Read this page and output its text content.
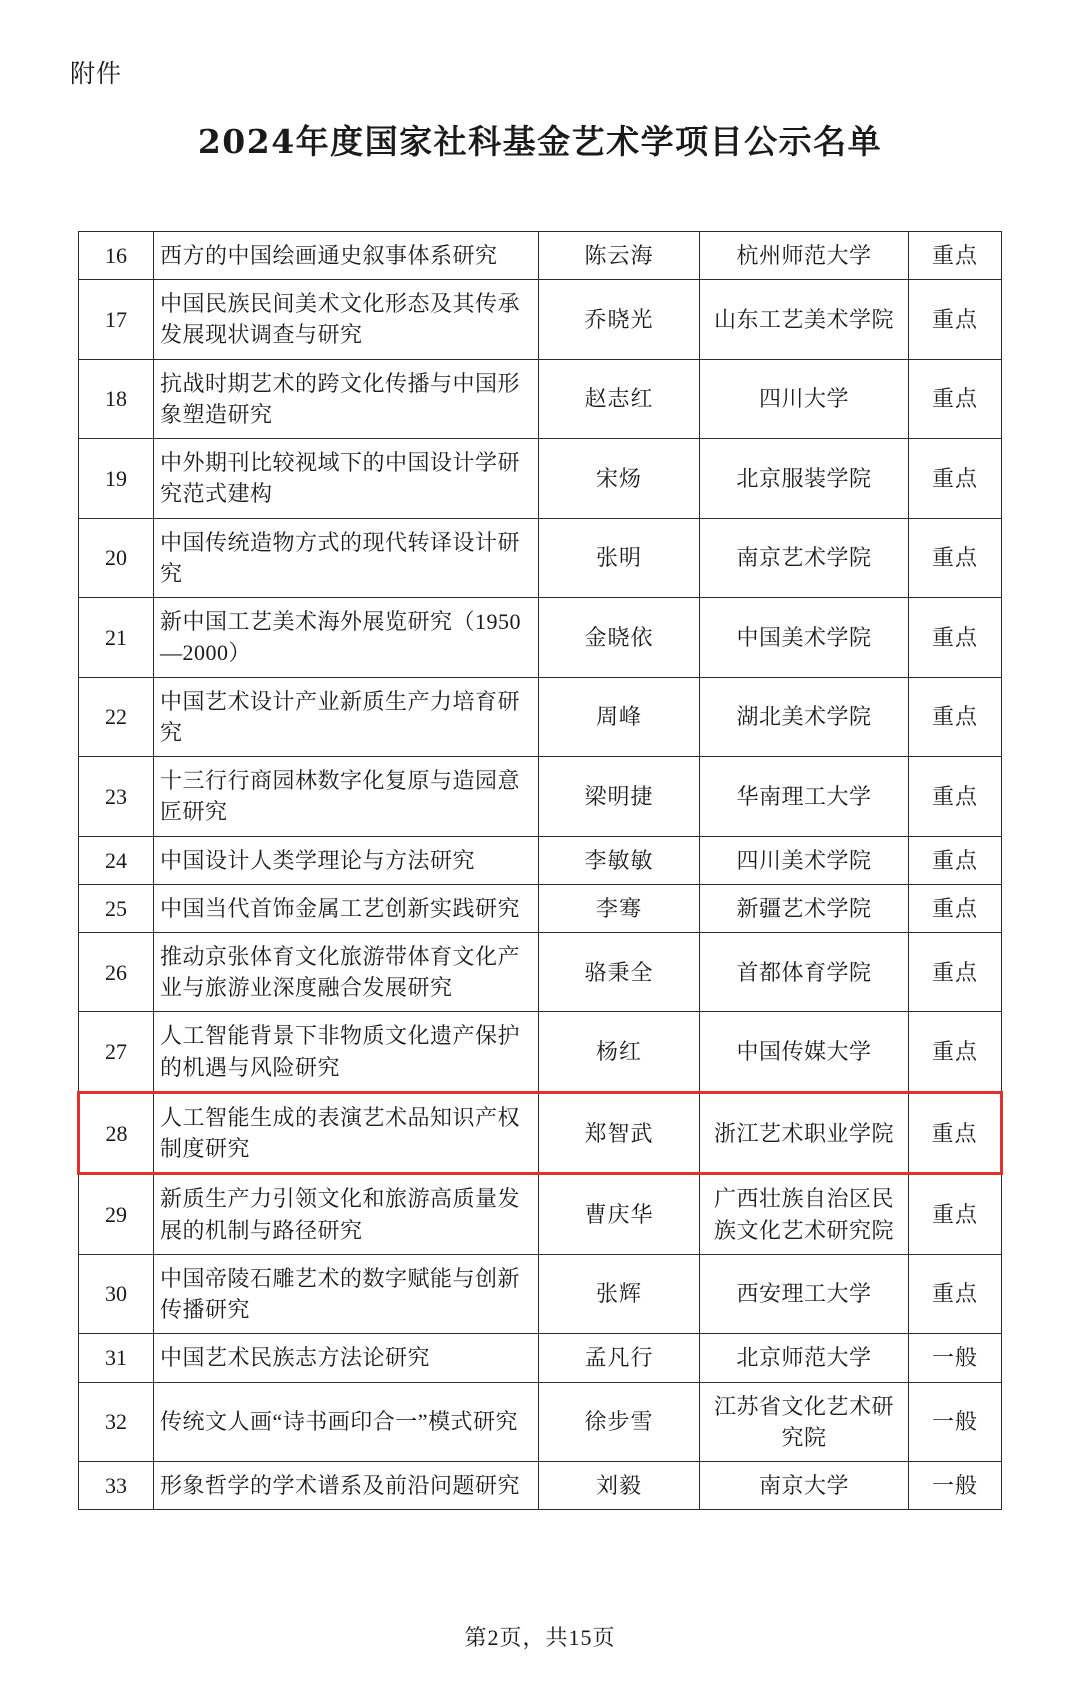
附件
2024年度国家社科基金艺术学项目公示名单
16	西方的中国绘画通史叙事体系研究	陈云海	杭州师范大学	重点
17	中国民族民间美术文化形态及其传承发展现状调查与研究	乔晓光	山东工艺美术学院	重点
18	抗战时期艺术的跨文化传播与中国形象塑造研究	赵志红	四川大学	重点
19	中外期刊比较视域下的中国设计学研究范式建构	宋炀	北京服装学院	重点
20	中国传统造物方式的现代转译设计研究	张明	南京艺术学院	重点
21	新中国工艺美术海外展览研究（1950—2000）	金晓依	中国美术学院	重点
22	中国艺术设计产业新质生产力培育研究	周峰	湖北美术学院	重点
23	十三行行商园林数字化复原与造园意匠研究	梁明捷	华南理工大学	重点
24	中国设计人类学理论与方法研究	李敏敏	四川美术学院	重点
25	中国当代首饰金属工艺创新实践研究	李骞	新疆艺术学院	重点
26	推动京张体育文化旅游带体育文化产业与旅游业深度融合发展研究	骆秉全	首都体育学院	重点
27	人工智能背景下非物质文化遗产保护的机遇与风险研究	杨红	中国传媒大学	重点
28	人工智能生成的表演艺术品知识产权制度研究	郑智武	浙江艺术职业学院	重点
29	新质生产力引领文化和旅游高质量发展的机制与路径研究	曹庆华	广西壮族自治区民族文化艺术研究院	重点
30	中国帝陵石雕艺术的数字赋能与创新传播研究	张辉	西安理工大学	重点
31	中国艺术民族志方法论研究	孟凡行	北京师范大学	一般
32	传统文人画“诗书画印合一”模式研究	徐步雪	江苏省文化艺术研究院	一般
33	形象哲学的学术谱系及前沿问题研究	刘毅	南京大学	一般
第2页，共15页
